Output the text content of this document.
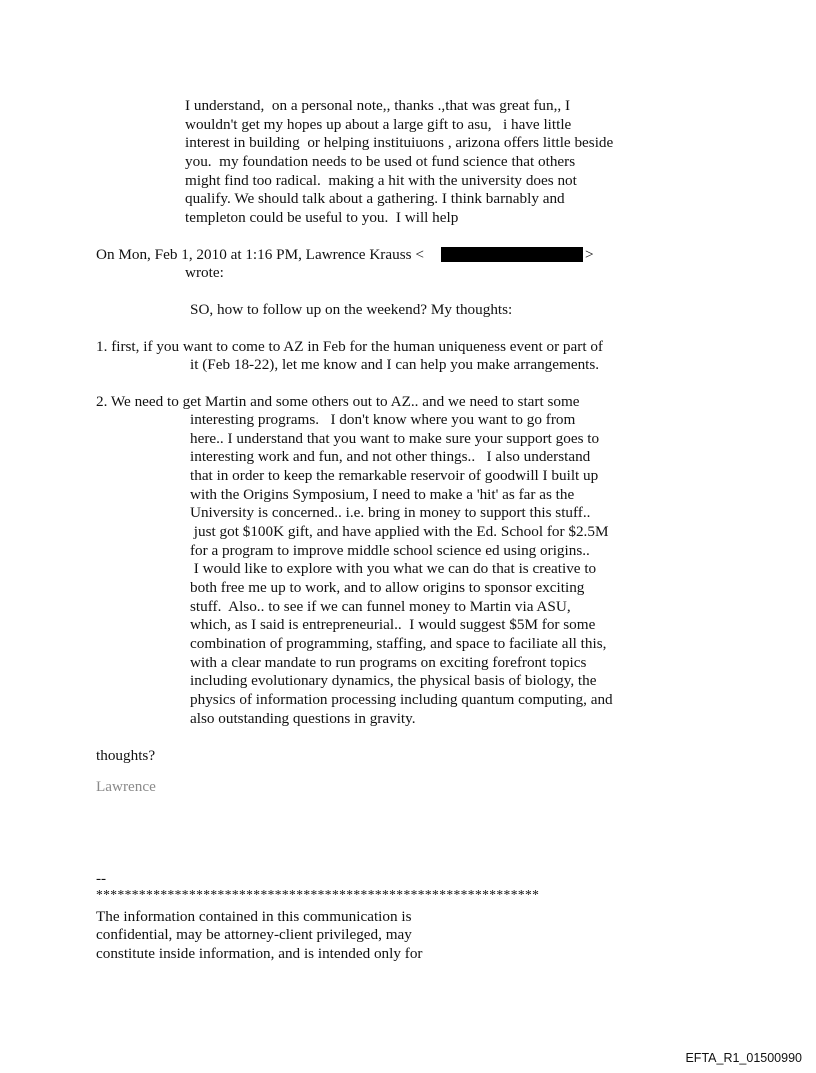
I understand,  on a personal note,, thanks .,that was great fun,, I
wouldn't get my hopes up about a large gift to asu,   i have little
interest in building  or helping instituiuons , arizona offers little beside
you.  my foundation needs to be used ot fund science that others
might find too radical.  making a hit with the university does not
qualify. We should talk about a gathering. I think barnably and
templeton could be useful to you.  I will help
On Mon, Feb 1, 2010 at 1:16 PM, Lawrence Krauss <	>
wrote:
SO, how to follow up on the weekend? My thoughts:
1. first, if you want to come to AZ in Feb for the human uniqueness event or part of
it (Feb 18-22), let me know and I can help you make arrangements.
2. We need to get Martin and some others out to AZ.. and we need to start some
interesting programs.   I don't know where you want to go from
here.. I understand that you want to make sure your support goes to
interesting work and fun, and not other things..   I also understand
that in order to keep the remarkable reservoir of goodwill I built up
with the Origins Symposium, I need to make a 'hit' as far as the
University is concerned.. i.e. bring in money to support this stuff..
just got $100K gift, and have applied with the Ed. School for $2.5M
for a program to improve middle school science ed using origins..
I would like to explore with you what we can do that is creative to
both free me up to work, and to allow origins to sponsor exciting
stuff.  Also.. to see if we can funnel money to Martin via ASU,
which, as I said is entrepreneurial..  I would suggest $5M for some
combination of programming, staffing, and space to faciliate all this,
with a clear mandate to run programs on exciting forefront topics
including evolutionary dynamics, the physical basis of biology, the
physics of information processing including quantum computing, and
also outstanding questions in gravity.
thoughts?
Lawrence
--
**************************************************************
The information contained in this communication is
confidential, may be attorney-client privileged, may
constitute inside information, and is intended only for
EFTA_R1_01500990
